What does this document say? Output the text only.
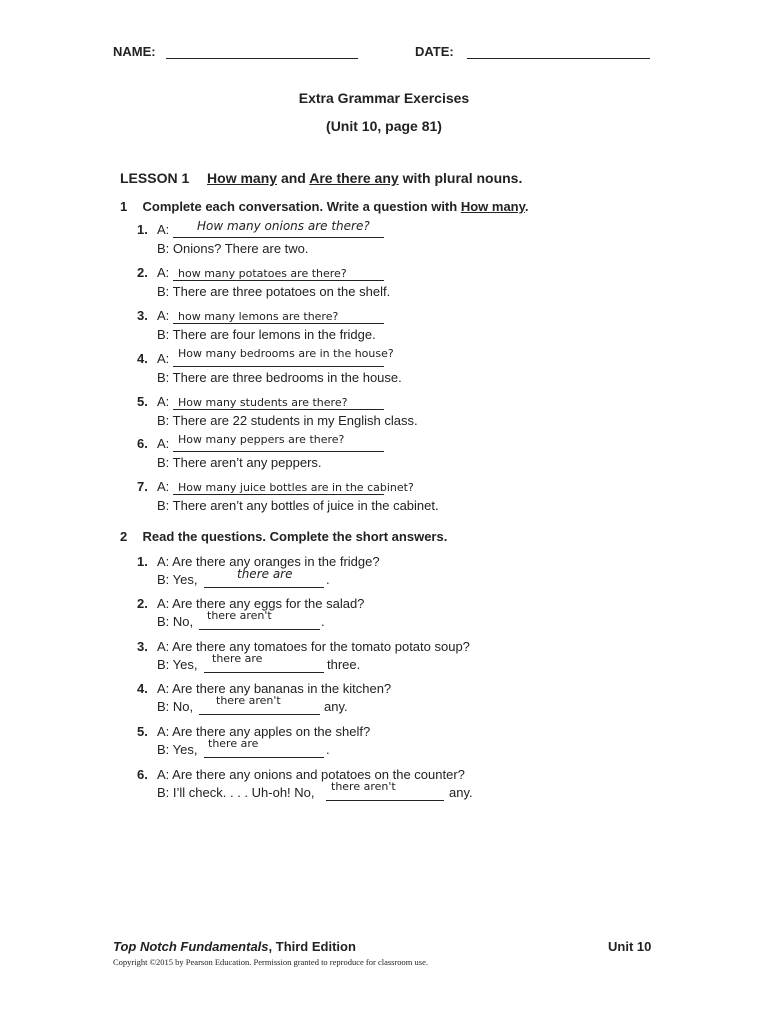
NAME:	DATE:
Extra Grammar Exercises
(Unit 10, page 81)
LESSON 1 How many and Are there any with plural nouns.
1 Complete each conversation. Write a question with How many.
1. A: How many onions are there?
B: Onions? There are two.
2. A: how many potatoes are there?
B: There are three potatoes on the shelf.
3. A: how many lemons are there?
B: There are four lemons in the fridge.
4. A: How many bedrooms are in the house?
B: There are three bedrooms in the house.
5. A: How many students are there?
B: There are 22 students in my English class.
6. A: How many peppers are there?
B: There aren’t any peppers.
7. A: How many juice bottles are in the cabinet?
B: There aren’t any bottles of juice in the cabinet.
2 Read the questions. Complete the short answers.
1. A: Are there any oranges in the fridge?
B: Yes,	there are	.
2. A: Are there any eggs for the salad?
B: No, there aren't	.
3. A: Are there any tomatoes for the tomato potato soup?
B: Yes, there are	three.
4. A: Are there any bananas in the kitchen?
B: No, there aren't	any.
5. A: Are there any apples on the shelf?
B: Yes, there are	.
6. A: Are there any onions and potatoes on the counter?
B: I’ll check. . . . Uh-oh! No, there aren't	any.
Top Notch Fundamentals, Third Edition	Unit 10
Copyright ©2015 by Pearson Education. Permission granted to reproduce for classroom use.
